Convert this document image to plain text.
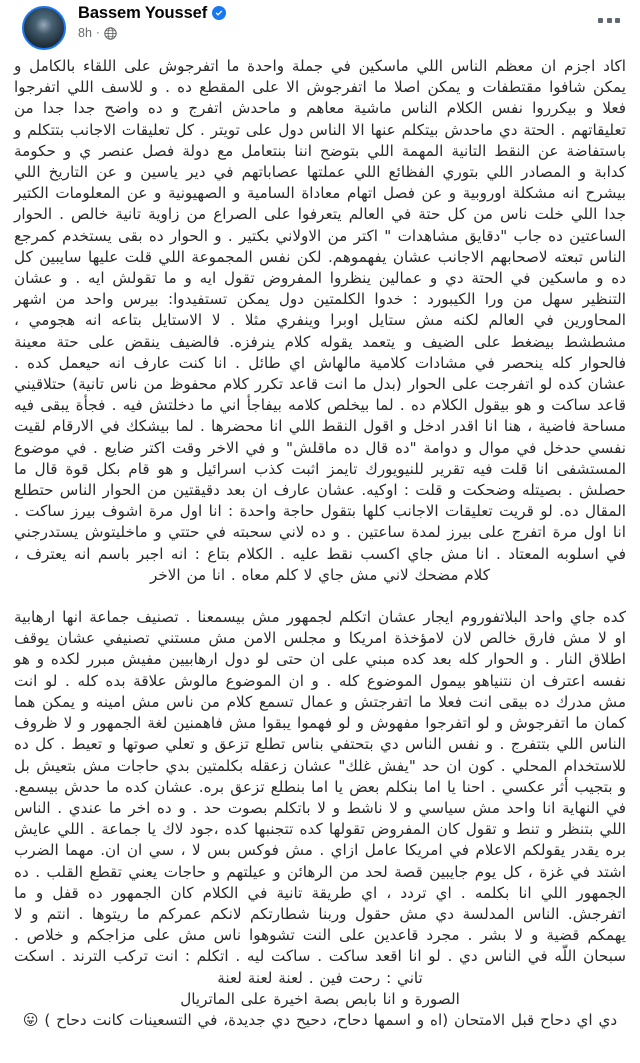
Bassem Youssef
8h ·

اكاد اجزم ان معظم الناس اللي ماسكين في جملة واحدة ما اتفرجوش على اللقاء بالكامل و يمكن شافوا مقتطفات و يمكن اصلا ما اتفرجوش الا على المقطع ده . و للاسف اللي اتفرجوا فعلا و بيكرروا نفس الكلام الناس ماشية معاهم و ماحدش اتفرج و ده واضح جدا جدا من تعليقاتهم . الحتة دي ماحدش بيتكلم عنها الا الناس دول على تويتر . كل تعليقات الاجانب بتتكلم و باستفاضة عن النقط التانية المهمة اللي بتوضح اننا بنتعامل مع دولة فصل عنصر ي و حكومة كدابة و المصادر اللي بتوري الفظائع اللي عملتها عصاباتهم في دير ياسين و عن التاريخ اللي بيشرح انه مشكلة اوروبية و عن فصل اتهام معاداة السامية و الصهيونية و عن المعلومات الكتير جدا اللي خلت ناس من كل حتة في العالم يتعرفوا على الصراع من زاوية تانية خالص . الحوار الساعتين ده جاب "دقايق مشاهدات " اكتر من الاولاني بكتير . و الحوار ده بقى يستخدم كمرجع الناس تبعته لاصحابهم الاجانب عشان يفهموهم. لكن نفس المجموعة اللي قلت عليها سايبين كل ده و ماسكين في الحتة دي و عمالين ينظروا المفروض تقول ايه و ما تقولش ايه . و عشان التنظير سهل من ورا الكيبورد : خدوا الكلمتين دول يمكن تستفيدوا: بيرس واحد من اشهر المحاورين في العالم لكنه مش ستايل اوبرا وينفري مثلا . لا الاستايل بتاعه انه هجومي ، مشطشط بيضغط على الضيف و يتعمد يقوله كلام ينرفزه. فالضيف ينقض على حتة معينة فالحوار كله ينحصر في مشادات كلامية مالهاش اي طائل . انا كنت عارف انه حيعمل كده . عشان كده لو اتفرجت على الحوار (بدل ما انت قاعد تكرر كلام محفوظ من ناس تانية) حتلاقيني قاعد ساكت و هو بيقول الكلام ده . لما بيخلص كلامه بيفاجأ اني ما دخلتش فيه . فجأة يبقى فيه مساحة فاضية ، هنا انا اقدر ادخل و اقول النقط اللي انا محضرها . لما بيشكك في الارقام لقيت نفسي حدخل في موال و دوامة "ده قال ده ماقلش" و في الاخر وقت اكتر ضايع . في موضوع المستشفى انا قلت فيه تقرير للنيويورك تايمز اثبت كذب اسرائيل و هو قام بكل قوة قال ما حصلش . بصيتله وضحكت و قلت : اوكيه. عشان عارف ان بعد دقيقتين من الحوار الناس حتطلع المقال ده. لو قريت تعليقات الاجانب كلها بتقول حاجة واحدة : انا اول مرة اشوف بيرز ساكت . انا اول مرة اتفرج على بيرز لمدة ساعتين . و ده لاني سحبته في حتتي و ماخليتوش يستدرجني في اسلوبه المعتاد . انا مش جاي اكسب نقط عليه . الكلام بتاع : انه اجبر باسم انه يعترف ، كلام مضحك لاني مش جاي لا كلم معاه . انا من الاخر

كده جاي واحد البلاتفوروم ايجار عشان اتكلم لجمهور مش بيسمعنا . تصنيف جماعة انها ارهابية او لا مش فارق خالص لان لامؤخذة امريكا و مجلس الامن مش مستني تصنيفي عشان يوقف اطلاق النار . و الحوار كله بعد كده مبني على ان حتى لو دول ارهابيين مفيش مبرر لكده و هو نفسه اعترف ان نتنياهو بيمول الموضوع كله . و ان الموضوع مالوش علاقة بده كله . لو انت مش مدرك ده بيقى انت فعلا ما اتفرجتش و عمال تسمع كلام من ناس مش امينه و يمكن هما كمان ما اتفرجوش و لو اتفرجوا مفهوش و لو فهموا يبقوا مش فاهمنين لغة الجمهور و لا ظروف الناس اللي بتتفرج . و نفس الناس دي بتحتفي بناس تطلع تزعق و تعلي صوتها و تعيط . كل ده للاستخدام المحلي . كون ان حد "يفش غلك" عشان زعقله بكلمتين بدي حاجات مش بتعيش بل و بتجيب أثر عكسي . احنا يا اما بنكلم بعض يا اما بنطلع تزعق بره. عشان كده ما حدش بيسمع. في النهاية انا واحد مش سياسي و لا ناشط و لا باتكلم بصوت حد . و ده اخر ما عندي . الناس اللي بتنظر و تنط و تقول كان المفروض تقولها كده تتجنبها كده ،جود لاك يا جماعة . اللي عايش بره يقدر يقولكم الاعلام في امريكا عامل ازاي . مش فوكس بس لا ، سي ان ان. مهما الضرب اشتد في غزة ، كل يوم جايبين قصة لحد من الرهائن و عيلتهم و حاجات يعني تقطع القلب . ده الجمهور اللي انا بكلمه . اي تردد ، اي طريقة تانية في الكلام كان الجمهور ده قفل و ما اتفرجش. الناس المدلسة دي مش حقول وربنا شطارتكم لانكم عمركم ما ريتوها . انتم و لا يهمكم قضية و لا بشر . مجرد قاعدين على النت تشوهوا ناس مش على مزاجكم و خلاص . سبحان اللّه في الناس دي . لو انا اقعد ساكت . ساكت ليه . اتكلم : انت تركب الترند . اسكت تاني : رحت فين . لعنة لعنة لعنة

الصورة و انا بابص بصة اخيرة على الماتريال

دي اي دحاح قبل الامتحان (اه و اسمها دحاح، دحيح دي جديدة، في التسعينات كانت دحاح ) 😛
